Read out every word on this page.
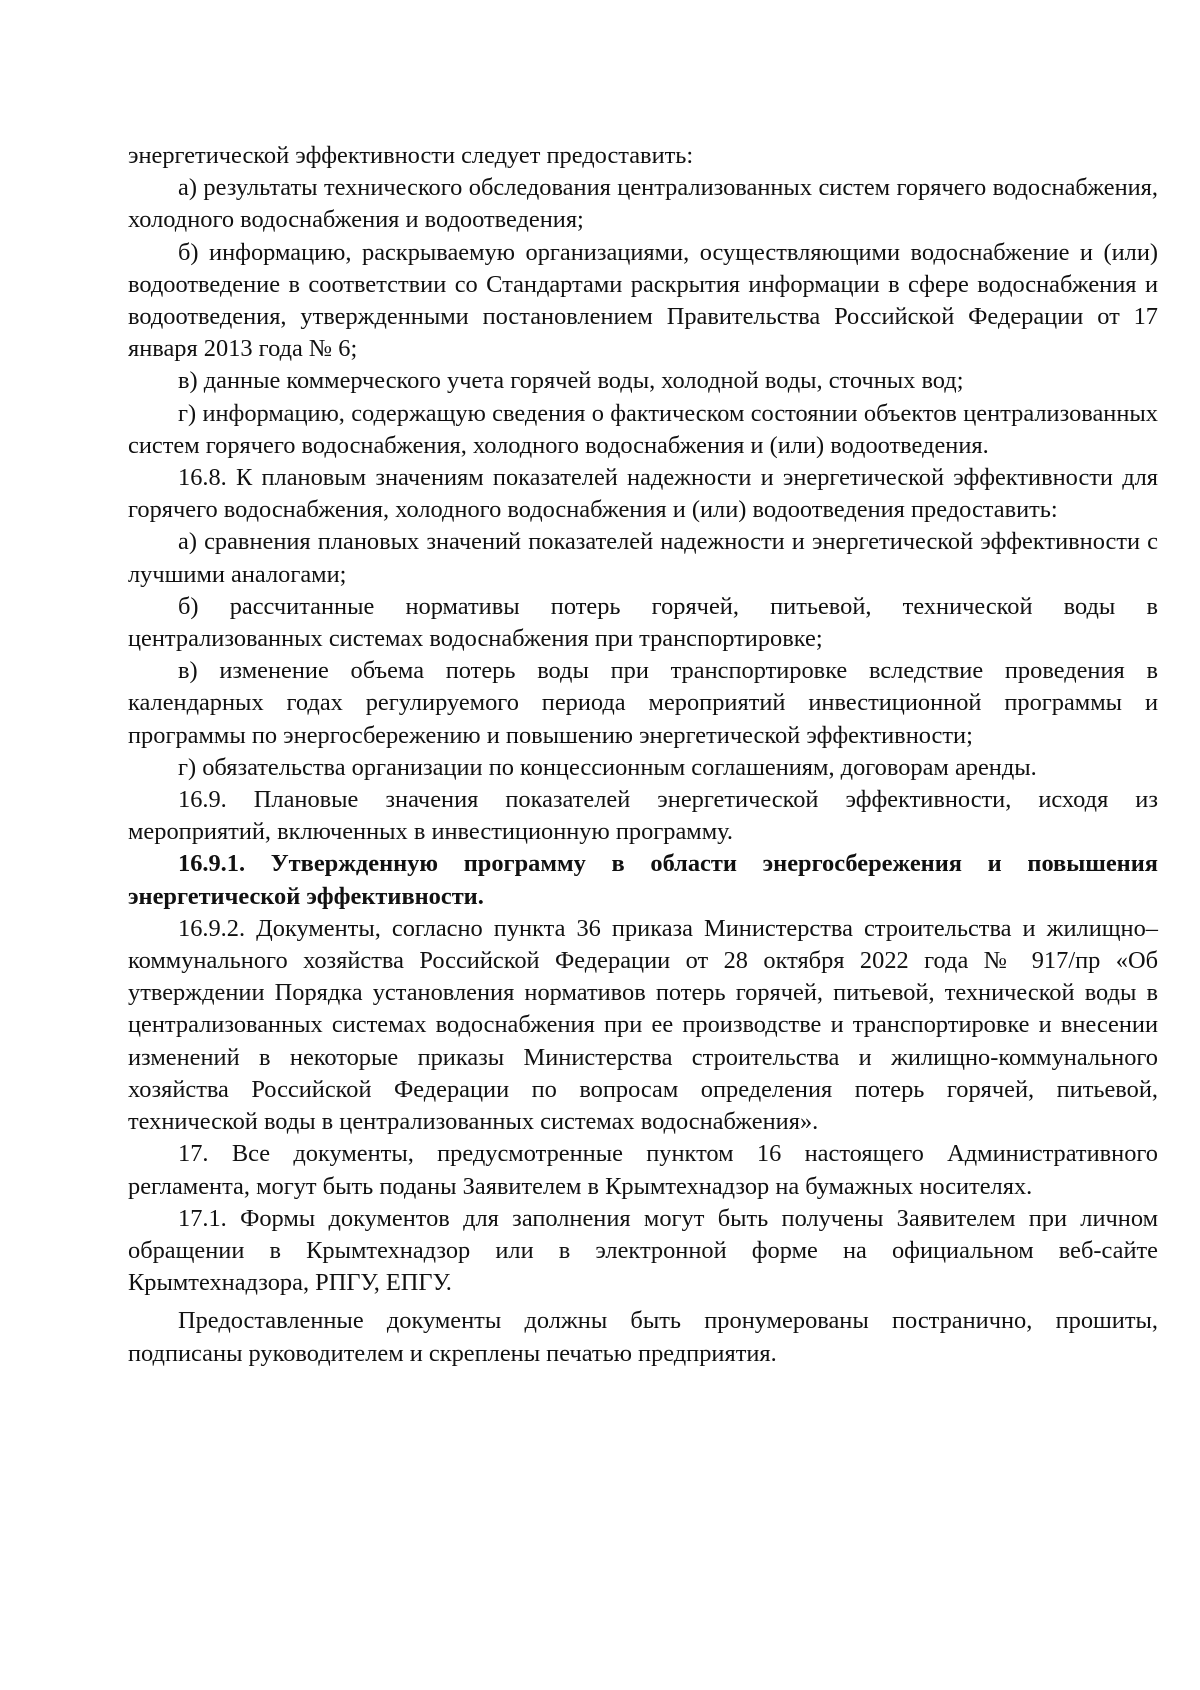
энергетической эффективности следует предоставить:

а) результаты технического обследования централизованных систем горячего водоснабжения, холодного водоснабжения и водоотведения;

б) информацию, раскрываемую организациями, осуществляющими водоснабжение и (или) водоотведение в соответствии со Стандартами раскрытия информации в сфере водоснабжения и водоотведения, утвержденными постановлением Правительства Российской Федерации от 17 января 2013 года № 6;

в) данные коммерческого учета горячей воды, холодной воды, сточных вод;

г) информацию, содержащую сведения о фактическом состоянии объектов централизованных систем горячего водоснабжения, холодного водоснабжения и (или) водоотведения.

16.8. К плановым значениям показателей надежности и энергетической эффективности для горячего водоснабжения, холодного водоснабжения и (или) водоотведения предоставить:

а) сравнения плановых значений показателей надежности и энергетической эффективности с лучшими аналогами;

б) рассчитанные нормативы потерь горячей, питьевой, технической воды в централизованных системах водоснабжения при транспортировке;

в) изменение объема потерь воды при транспортировке вследствие проведения в календарных годах регулируемого периода мероприятий инвестиционной программы и программы по энергосбережению и повышению энергетической эффективности;

г) обязательства организации по концессионным соглашениям, договорам аренды.

16.9. Плановые значения показателей энергетической эффективности, исходя из мероприятий, включенных в инвестиционную программу.

16.9.1. Утвержденную программу в области энергосбережения и повышения энергетической эффективности.

16.9.2. Документы, согласно пункта 36 приказа Министерства строительства и жилищно–коммунального хозяйства Российской Федерации от 28 октября 2022 года № 917/пр «Об утверждении Порядка установления нормативов потерь горячей, питьевой, технической воды в централизованных системах водоснабжения при ее производстве и транспортировке и внесении изменений в некоторые приказы Министерства строительства и жилищно-коммунального хозяйства Российской Федерации по вопросам определения потерь горячей, питьевой, технической воды в централизованных системах водоснабжения».

17. Все документы, предусмотренные пунктом 16 настоящего Административного регламента, могут быть поданы Заявителем в Крымтехнадзор на бумажных носителях.

17.1. Формы документов для заполнения могут быть получены Заявителем при личном обращении в Крымтехнадзор или в электронной форме на официальном веб-сайте Крымтехнадзора, РПГУ, ЕПГУ.

Предоставленные документы должны быть пронумерованы постранично, прошиты, подписаны руководителем и скреплены печатью предприятия.
